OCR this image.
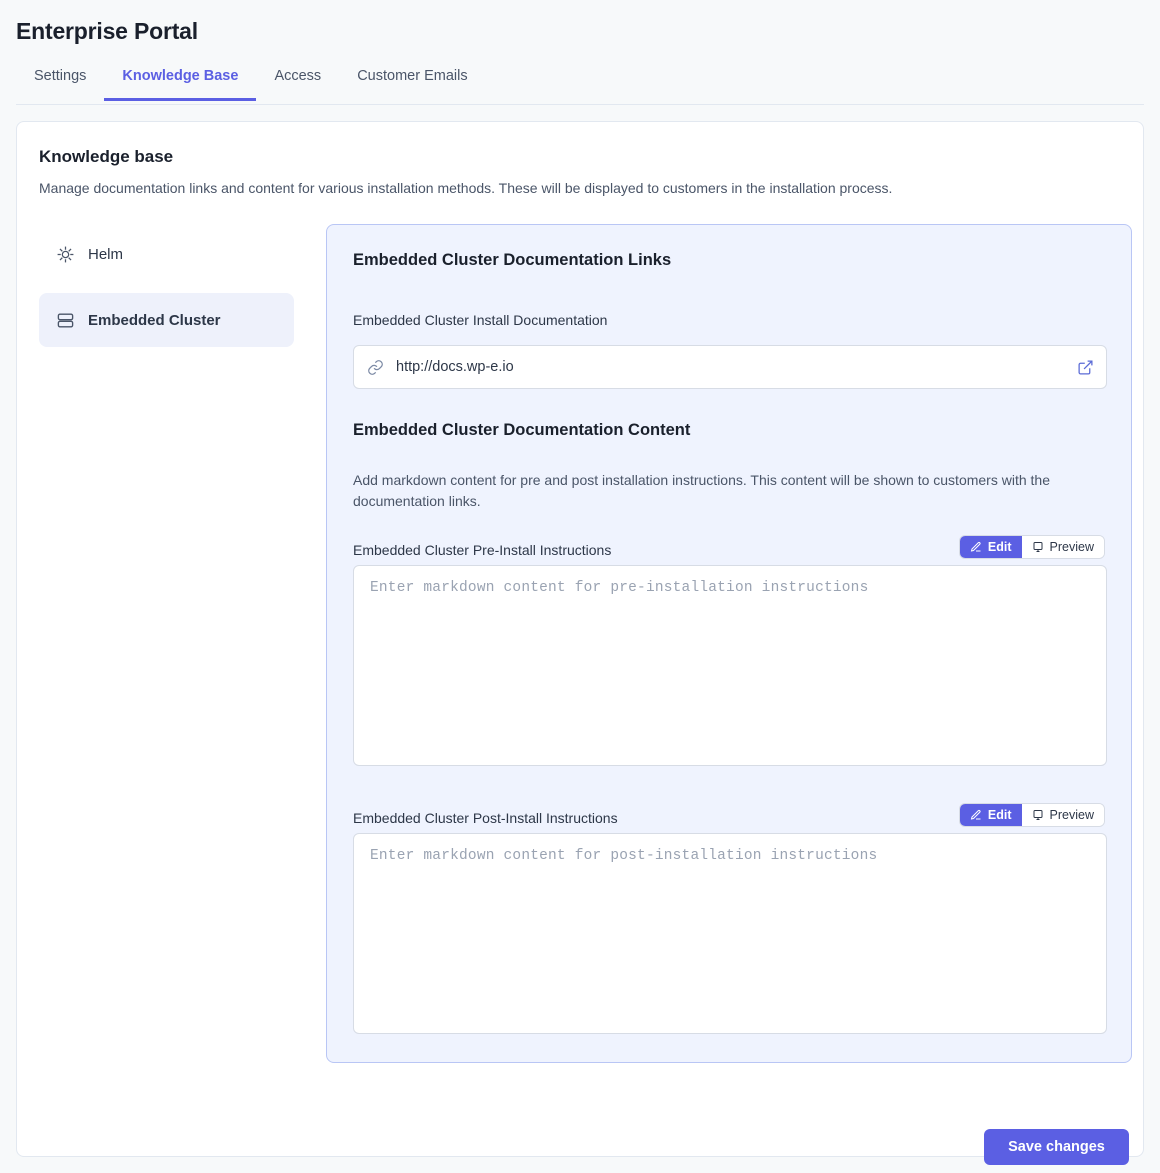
Enterprise Portal
Settings	Knowledge Base	Access	Customer Emails
Knowledge base
Manage documentation links and content for various installation methods. These will be displayed to customers in the installation process.
Helm
Embedded Cluster
Embedded Cluster Documentation Links
Embedded Cluster Install Documentation
http://docs.wp-e.io
Embedded Cluster Documentation Content
Add markdown content for pre and post installation instructions. This content will be shown to customers with the documentation links.
Embedded Cluster Pre-Install Instructions	Edit	Preview
Enter markdown content for pre-installation instructions
Embedded Cluster Post-Install Instructions	Edit	Preview
Enter markdown content for post-installation instructions
Save changes
